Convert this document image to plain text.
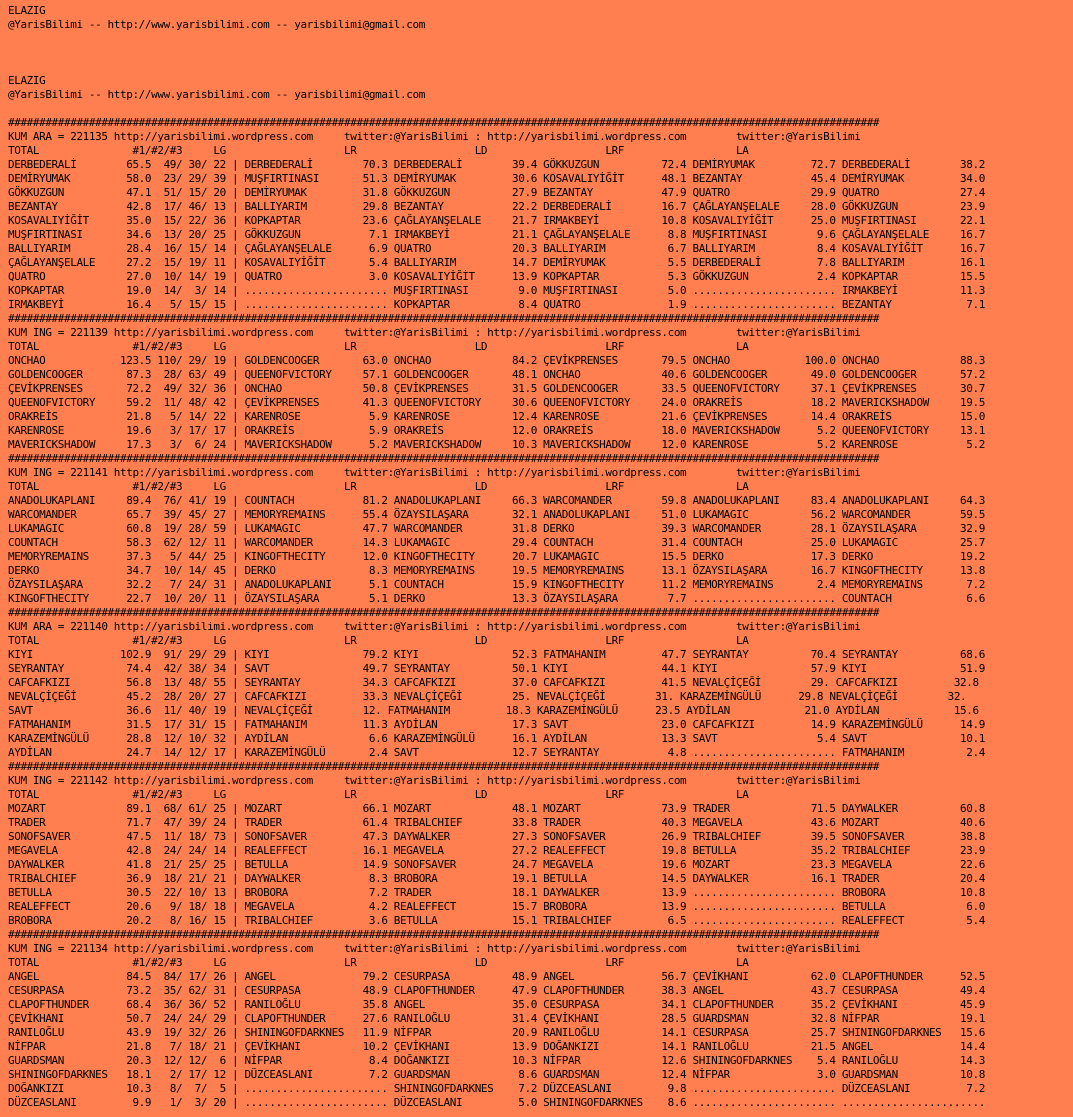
ELAZIG
@YarisBilimi -- http://www.yarisbilimi.com -- yarisbilimi@gmail.com

ELAZIG
@YarisBilimi -- http://www.yarisbilimi.com -- yarisbilimi@gmail.com

############################################################################################################################################
KUM ARA = 221135 http://yarisbilimi.wordpress.com     twitter:@YarisBilimi : http://yarisbilimi.wordpress.com        twitter:@YarisBilimi
TOTAL               #1/#2/#3     LG                   LR                   LD                   LRF                  LA
DERBEDERALİ        65.5  49/ 30/ 22 | DERBEDERALİ        70.3 DERBEDERALİ        39.4 GÖKKUZGUN          72.4 DEMİRYUMAK         72.7 DERBEDERALİ        38.2
DEMİRYUMAK         58.0  23/ 29/ 39 | MUŞFIRTINASI       51.3 DEMİRYUMAK         30.6 KOSAVALIYİĞİT      48.1 BEZANTAY           45.4 DEMİRYUMAK         34.0
GÖKKUZGUN          47.1  51/ 15/ 20 | DEMİRYUMAK         31.8 GÖKKUZGUN          27.9 BEZANTAY           47.9 QUATRO             29.9 QUATRO             27.4
BEZANTAY           42.8  17/ 46/ 13 | BALLIYARIM         29.8 BEZANTAY           22.2 DERBEDERALİ        16.7 ÇAĞLAYANŞELALE     28.0 GÖKKUZGUN          23.9
KOSAVALIYİĞİT      35.0  15/ 22/ 36 | KOPKAPTAR          23.6 ÇAĞLAYANŞELALE     21.7 IRMAKBEYİ          10.8 KOSAVALIYİĞİT      25.0 MUŞFIRTINASI       22.1
MUŞFIRTINASI       34.6  13/ 20/ 25 | GÖKKUZGUN           7.1 IRMAKBEYİ          21.1 ÇAĞLAYANŞELALE      8.8 MUŞFIRTINASI        9.6 ÇAĞLAYANŞELALE     16.7
BALLIYARIM         28.4  16/ 15/ 14 | ÇAĞLAYANŞELALE      6.9 QUATRO             20.3 BALLIYARIM          6.7 BALLIYARIM          8.4 KOSAVALIYİĞİT      16.7
ÇAĞLAYANŞELALE     27.2  15/ 19/ 11 | KOSAVALIYİĞİT       5.4 BALLIYARIM         14.7 DEMİRYUMAK          5.5 DERBEDERALİ         7.8 BALLIYARIM         16.1
QUATRO             27.0  10/ 14/ 19 | QUATRO              3.0 KOSAVALIYİĞİT      13.9 KOPKAPTAR           5.3 GÖKKUZGUN           2.4 KOPKAPTAR          15.5
KOPKAPTAR          19.0  14/  3/ 14 | ....................... MUŞFIRTINASI        9.0 MUŞFIRTINASI        5.0 ....................... IRMAKBEYİ          11.3
IRMAKBEYİ          16.4   5/ 15/ 15 | ....................... KOPKAPTAR           8.4 QUATRO              1.9 ....................... BEZANTAY            7.1
############################################################################################################################################
KUM ING = 221139 http://yarisbilimi.wordpress.com     twitter:@YarisBilimi : http://yarisbilimi.wordpress.com        twitter:@YarisBilimi
TOTAL               #1/#2/#3     LG                   LR                   LD                   LRF                  LA
ONCHAO            123.5 110/ 29/ 19 | GOLDENCOOGER       63.0 ONCHAO             84.2 ÇEVİKPRENSES       79.5 ONCHAO            100.0 ONCHAO             88.3
GOLDENCOOGER       87.3  28/ 63/ 49 | QUEENOFVICTORY     57.1 GOLDENCOOGER       48.1 ONCHAO             40.6 GOLDENCOOGER       49.0 GOLDENCOOGER       57.2
ÇEVİKPRENSES       72.2  49/ 32/ 36 | ONCHAO             50.8 ÇEVİKPRENSES       31.5 GOLDENCOOGER       33.5 QUEENOFVICTORY     37.1 ÇEVİKPRENSES       30.7
QUEENOFVICTORY     59.2  11/ 48/ 42 | ÇEVİKPRENSES       41.3 QUEENOFVICTORY     30.6 QUEENOFVICTORY     24.0 ORAKREİS           18.2 MAVERICKSHADOW     19.5
ORAKREİS           21.8   5/ 14/ 22 | KARENROSE           5.9 KARENROSE          12.4 KARENROSE          21.6 ÇEVİKPRENSES       14.4 ORAKREİS           15.0
KARENROSE          19.6   3/ 17/ 17 | ORAKREİS            5.9 ORAKREİS           12.0 ORAKREİS           18.0 MAVERICKSHADOW      5.2 QUEENOFVICTORY     13.1
MAVERICKSHADOW     17.3   3/  6/ 24 | MAVERICKSHADOW      5.2 MAVERICKSHADOW     10.3 MAVERICKSHADOW     12.0 KARENROSE           5.2 KARENROSE           5.2
############################################################################################################################################
KUM ING = 221141 http://yarisbilimi.wordpress.com     twitter:@YarisBilimi : http://yarisbilimi.wordpress.com        twitter:@YarisBilimi
TOTAL               #1/#2/#3     LG                   LR                   LD                   LRF                  LA
ANADOLUKAPLANI     89.4  76/ 41/ 19 | COUNTACH           81.2 ANADOLUKAPLANI     66.3 WARCOMANDER        59.8 ANADOLUKAPLANI     83.4 ANADOLUKAPLANI     64.3
WARCOMANDER        65.7  39/ 45/ 27 | MEMORYREMAINS      55.4 ÖZAYSILAŞARA       32.1 ANADOLUKAPLANI     51.0 LUKAMAGIC          56.2 WARCOMANDER        59.5
LUKAMAGIC          60.8  19/ 28/ 59 | LUKAMAGIC          47.7 WARCOMANDER        31.8 DERKO              39.3 WARCOMANDER        28.1 ÖZAYSILAŞARA       32.9
COUNTACH           58.3  62/ 12/ 11 | WARCOMANDER        14.3 LUKAMAGIC          29.4 COUNTACH           31.4 COUNTACH           25.0 LUKAMAGIC          25.7
MEMORYREMAINS      37.3   5/ 44/ 25 | KINGOFTHECITY      12.0 KINGOFTHECITY      20.7 LUKAMAGIC          15.5 DERKO              17.3 DERKO              19.2
DERKO              34.7  10/ 14/ 45 | DERKO               8.3 MEMORYREMAINS      19.5 MEMORYREMAINS      13.1 ÖZAYSILAŞARA       16.7 KINGOFTHECITY      13.8
ÖZAYSILAŞARA       32.2   7/ 24/ 31 | ANADOLUKAPLANI      5.1 COUNTACH           15.9 KINGOFTHECITY      11.2 MEMORYREMAINS       2.4 MEMORYREMAINS       7.2
KINGOFTHECITY      22.7  10/ 20/ 11 | ÖZAYSILAŞARA        5.1 DERKO              13.3 ÖZAYSILAŞARA        7.7 ....................... COUNTACH            6.6
############################################################################################################################################
KUM ARA = 221140 http://yarisbilimi.wordpress.com     twitter:@YarisBilimi : http://yarisbilimi.wordpress.com        twitter:@YarisBilimi
TOTAL               #1/#2/#3     LG                   LR                   LD                   LRF                  LA
KIYI              102.9  91/ 29/ 29 | KIYI               79.2 KIYI               52.3 FATMAHANIM         47.7 SEYRANTAY          70.4 SEYRANTAY          68.6
SEYRANTAY          74.4  42/ 38/ 34 | SAVT               49.7 SEYRANTAY          50.1 KIYI               44.1 KIYI               57.9 KIYI               51.9
CAFCAFKIZI         56.8  13/ 48/ 55 | SEYRANTAY          34.3 CAFCAFKIZI         37.0 CAFCAFKIZI         41.5 NEVALÇİÇEĞİ        29. CAFCAFKIZI         32.8
NEVALÇİÇEĞİ        45.2  28/ 20/ 27 | CAFCAFKIZI         33.3 NEVALÇİÇEĞİ        25. NEVALÇİÇEĞİ        31. KARAZEMİNGÜLÜ      29.8 NEVALÇİÇEĞİ        32.
SAVT               36.6  11/ 40/ 19 | NEVALÇİÇEĞİ        12. FATMAHANIM         18.3 KARAZEMİNGÜLÜ      23.5 AYDİLAN            21.0 AYDİLAN            15.6
FATMAHANIM         31.5  17/ 31/ 15 | FATMAHANIM         11.3 AYDİLAN            17.3 SAVT               23.0 CAFCAFKIZI         14.9 KARAZEMİNGÜLÜ      14.9
KARAZEMİNGÜLÜ      28.8  12/ 10/ 32 | AYDİLAN             6.6 KARAZEMİNGÜLÜ      16.1 AYDİLAN            13.3 SAVT                5.4 SAVT               10.1
AYDİLAN            24.7  14/ 12/ 17 | KARAZEMİNGÜLÜ       2.4 SAVT               12.7 SEYRANTAY           4.8 ....................... FATMAHANIM          2.4
############################################################################################################################################
KUM ING = 221142 http://yarisbilimi.wordpress.com     twitter:@YarisBilimi : http://yarisbilimi.wordpress.com        twitter:@YarisBilimi
TOTAL               #1/#2/#3     LG                   LR                   LD                   LRF                  LA
MOZART             89.1  68/ 61/ 25 | MOZART             66.1 MOZART             48.1 MOZART             73.9 TRADER             71.5 DAYWALKER          60.8
TRADER             71.7  47/ 39/ 24 | TRADER             61.4 TRIBALCHIEF        33.8 TRADER             40.3 MEGAVELA           43.6 MOZART             40.6
SONOFSAVER         47.5  11/ 18/ 73 | SONOFSAVER         47.3 DAYWALKER          27.3 SONOFSAVER         26.9 TRIBALCHIEF        39.5 SONOFSAVER         38.8
MEGAVELA           42.8  24/ 24/ 14 | REALEFFECT         16.1 MEGAVELA           27.2 REALEFFECT         19.8 BETULLA            35.2 TRIBALCHIEF        23.9
DAYWALKER          41.8  21/ 25/ 25 | BETULLA            14.9 SONOFSAVER         24.7 MEGAVELA           19.6 MOZART             23.3 MEGAVELA           22.6
TRIBALCHIEF        36.9  18/ 21/ 21 | DAYWALKER           8.3 BROBORA            19.1 BETULLA            14.5 DAYWALKER          16.1 TRADER             20.4
BETULLA            30.5  22/ 10/ 13 | BROBORA             7.2 TRADER             18.1 DAYWALKER          13.9 ....................... BROBORA            10.8
REALEFFECT         20.6   9/ 18/ 18 | MEGAVELA            4.2 REALEFFECT         15.7 BROBORA            13.9 ....................... BETULLA             6.0
BROBORA            20.2   8/ 16/ 15 | TRIBALCHIEF         3.6 BETULLA            15.1 TRIBALCHIEF         6.5 ....................... REALEFFECT          5.4
############################################################################################################################################
KUM ING = 221134 http://yarisbilimi.wordpress.com     twitter:@YarisBilimi : http://yarisbilimi.wordpress.com        twitter:@YarisBilimi
TOTAL               #1/#2/#3     LG                   LR                   LD                   LRF                  LA
ANGEL              84.5  84/ 17/ 26 | ANGEL              79.2 CESURPASA          48.9 ANGEL              56.7 ÇEVİKHANI          62.0 CLAPOFTHUNDER      52.5
CESURPASA          73.2  35/ 62/ 31 | CESURPASA          48.9 CLAPOFTHUNDER      47.9 CLAPOFTHUNDER      38.3 ANGEL              43.7 CESURPASA          49.4
CLAPOFTHUNDER      68.4  36/ 36/ 52 | RANILOĞLU          35.8 ANGEL              35.0 CESURPASA          34.1 CLAPOFTHUNDER      35.2 ÇEVİKHANI          45.9
ÇEVİKHANI          50.7  24/ 24/ 29 | CLAPOFTHUNDER      27.6 RANILOĞLU          31.4 ÇEVİKHANI          28.5 GUARDSMAN          32.8 NİFPAR             19.1
RANILOĞLU          43.9  19/ 32/ 26 | SHININGOFDARKNES   11.9 NİFPAR             20.9 RANILOĞLU          14.1 CESURPASA          25.7 SHININGOFDARKNES   15.6
NİFPAR             21.8   7/ 18/ 21 | ÇEVİKHANI          10.2 ÇEVİKHANI          13.9 DOĞANKIZI          14.1 RANILOĞLU          21.5 ANGEL              14.4
GUARDSMAN          20.3  12/ 12/  6 | NİFPAR              8.4 DOĞANKIZI          10.3 NİFPAR             12.6 SHININGOFDARKNES    5.4 RANILOĞLU          14.3
SHININGOFDARKNES   18.1   2/ 17/ 12 | DÜZCEASLANI         7.2 GUARDSMAN           8.6 GUARDSMAN          12.4 NİFPAR              3.0 GUARDSMAN          10.8
DOĞANKIZI          10.3   8/  7/  5 | ....................... SHININGOFDARKNES    7.2 DÜZCEASLANI         9.8 ....................... DÜZCEASLANI         7.2
DÜZCEASLANI         9.9   1/  3/ 20 | ....................... DÜZCEASLANI         5.0 SHININGOFDARKNES    8.6 ....................... .......................
